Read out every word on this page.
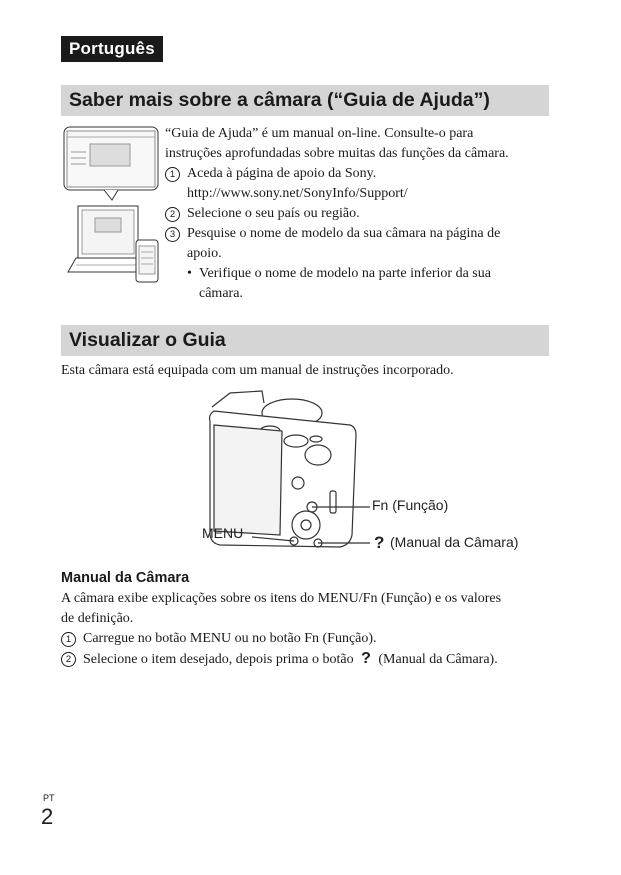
Português
Saber mais sobre a câmara (“Guia de Ajuda”)

“Guia de Ajuda” é um manual on-line. Consulte-o para

instruções aprofundadas sobre muitas das funções da câmara.

1 Aceda à página de apoio da Sony.

http://www.sony.net/SonyInfo/Support/

2 Selecione o seu país ou região.
3 Pesquise o nome de modelo da sua câmara na página de

apoio.

• Verifique o nome de modelo na parte inferior da sua

câmara.

Visualizar o Guia

Esta câmara está equipada com um manual de instruções incorporado.

Fn (Função)
MENU	? (Manual da Câmara)
Manual da Câmara

A câmara exibe explicações sobre os itens do MENU/Fn (Função) e os valores

de definição.

1 Carregue no botão MENU ou no botão Fn (Função).
2 Selecione o item desejado, depois prima o botão ? (Manual da Câmara).
PT
2
